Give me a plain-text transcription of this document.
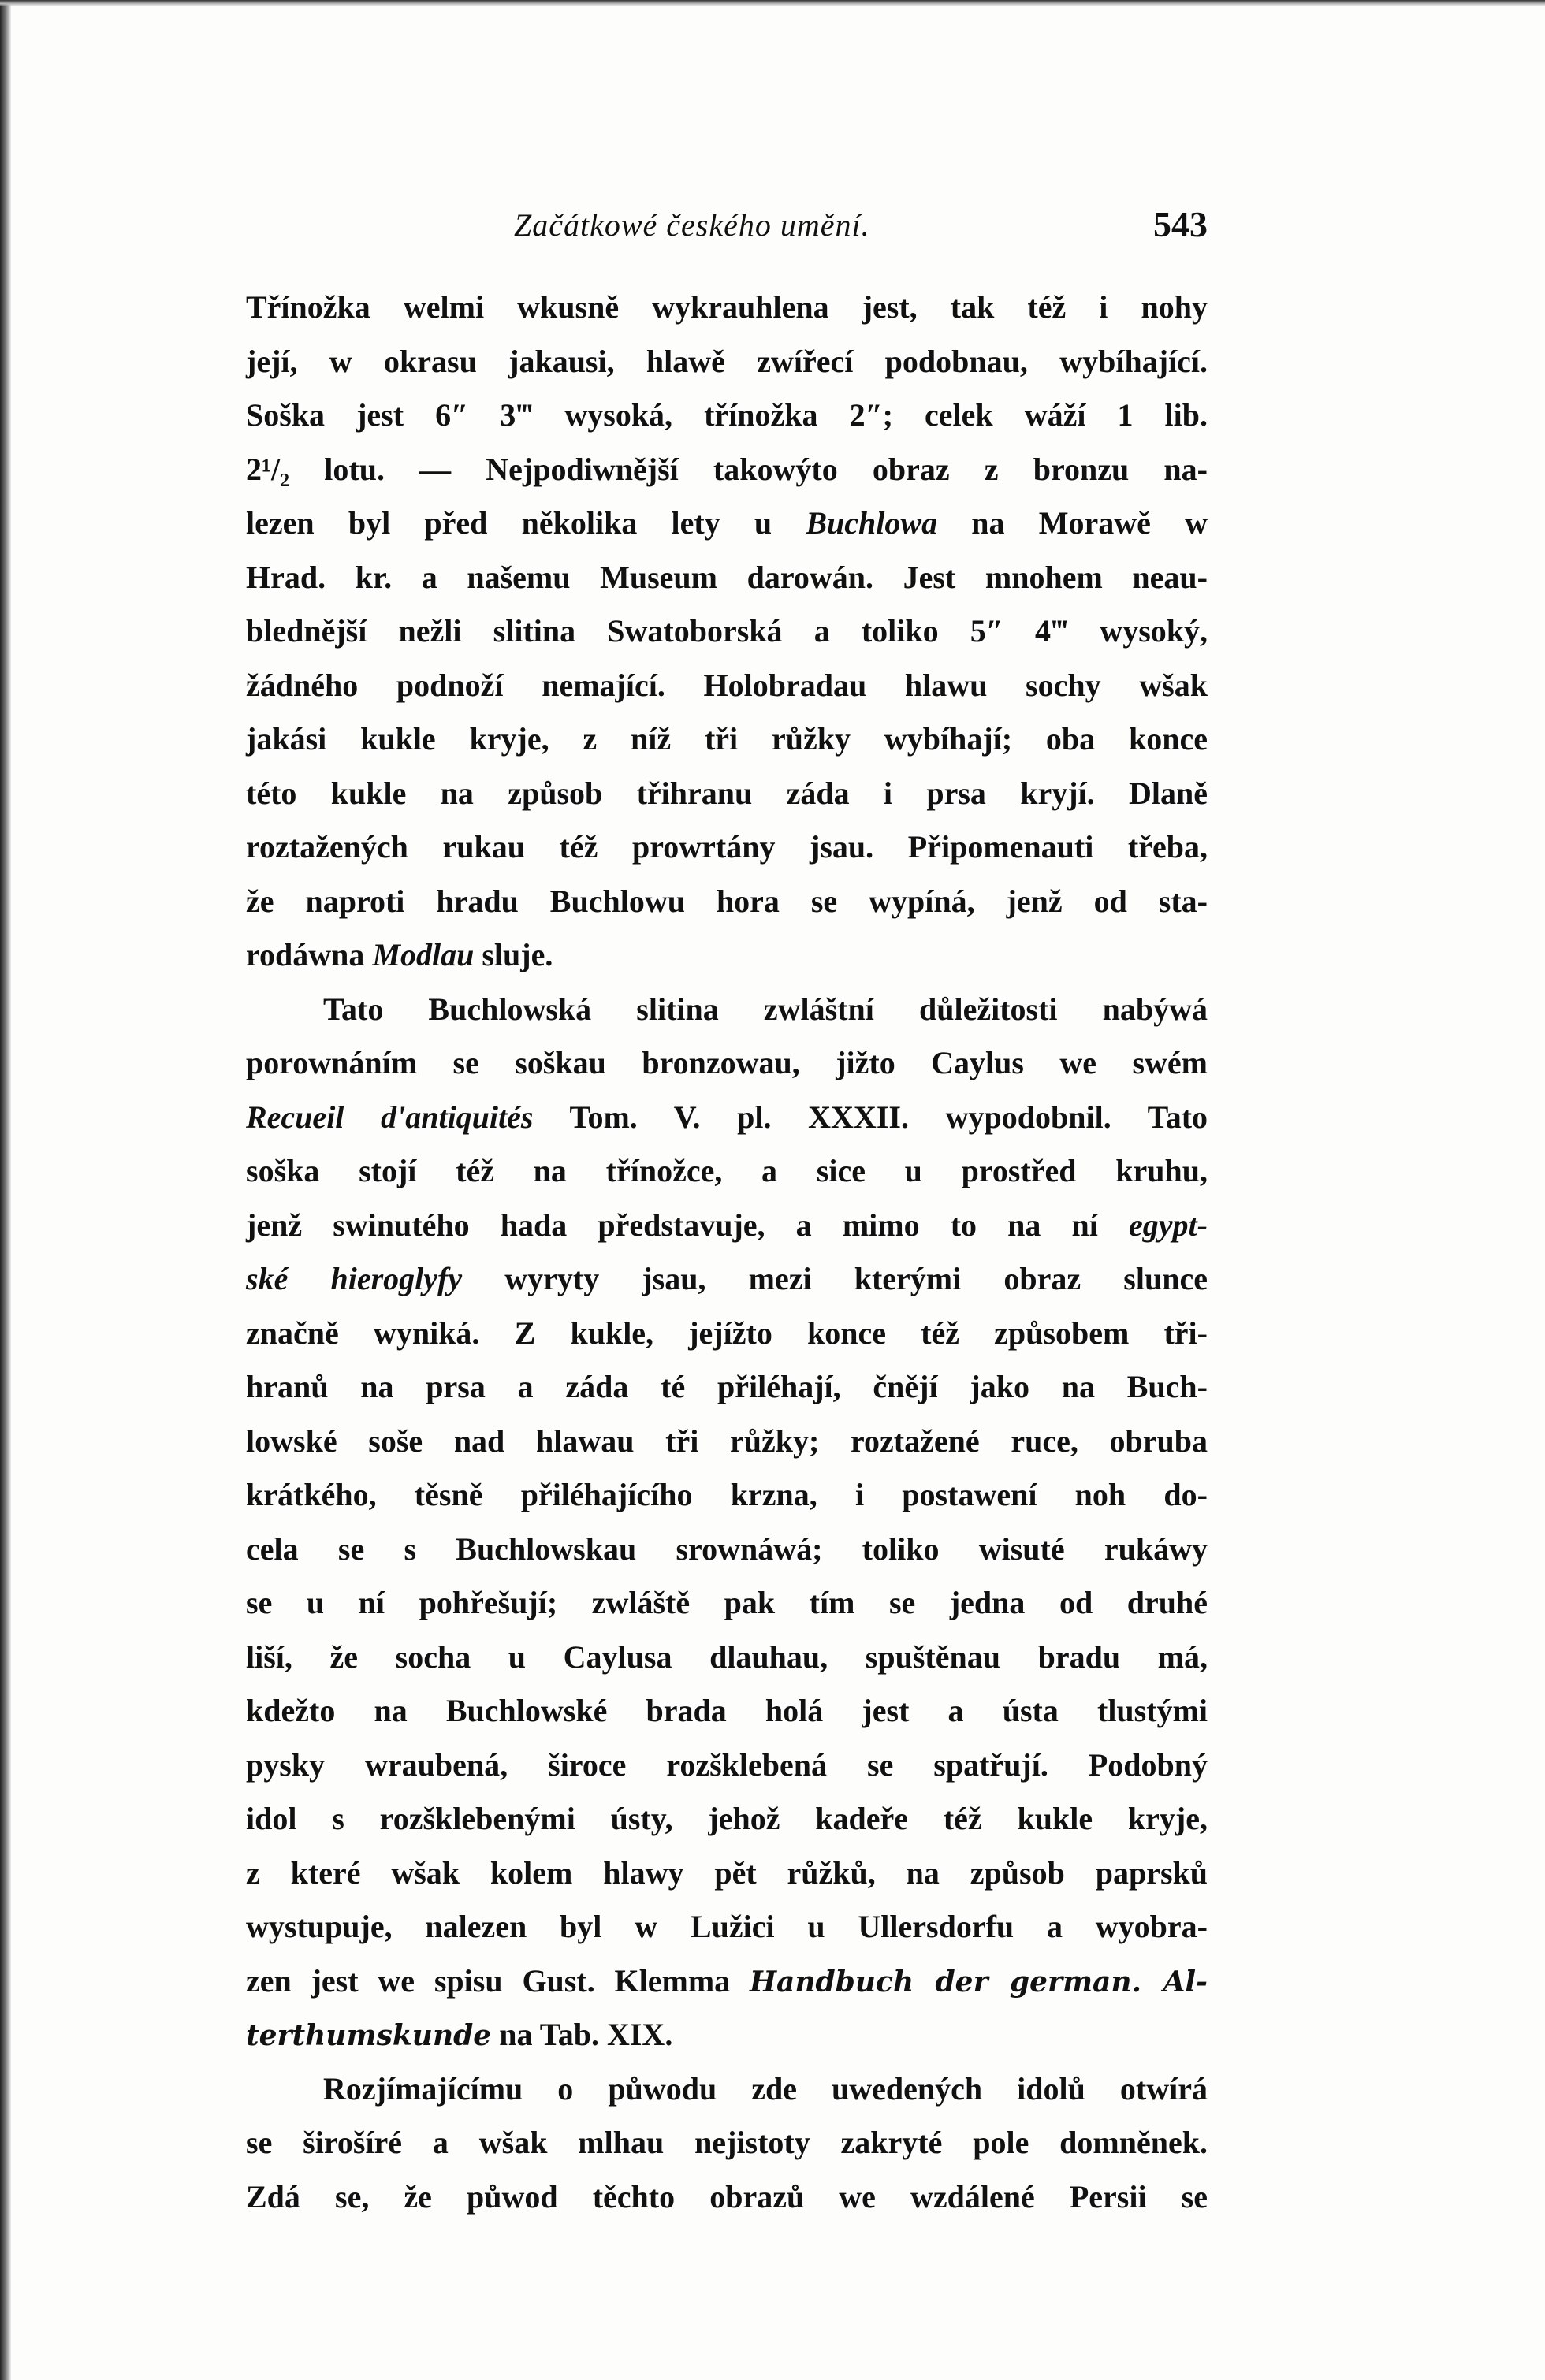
Začátkowé českého umění.	543
Třínožka welmi wkusně wykrauhlena jest, tak též i nohy
její, w okrasu jakausi, hlawě zwířecí podobnau, wybíhající.
Soška jest 6″ 3‴ wysoká, třínožka 2″; celek wáží 1 lib.
2¹/₂ lotu. — Nejpodiwnější takowýto obraz z bronzu na-
lezen byl před několika lety u Buchlowa na Morawě w
Hrad. kr. a našemu Museum darowán. Jest mnohem neau-
blednější nežli slitina Swatoborská a toliko 5″ 4‴ wysoký,
žádného podnoží nemající. Holobradau hlawu sochy wšak
jakási kukle kryje, z níž tři růžky wybíhají; oba konce
této kukle na způsob třihranu záda i prsa kryjí. Dlaně
roztažených rukau též prowrtány jsau. Připomenauti třeba,
že naproti hradu Buchlowu hora se wypíná, jenž od sta-
rodáwna Modlau sluje.
Tato Buchlowská slitina zwláštní důležitosti nabýwá
porownáním se soškau bronzowau, jižto Caylus we swém
Recueil d'antiquités Tom. V. pl. XXXII. wypodobnil. Tato
soška stojí též na třínožce, a sice u prostřed kruhu,
jenž swinutého hada představuje, a mimo to na ní egypt-
ské hieroglyfy wyryty jsau, mezi kterými obraz slunce
značně wyniká. Z kukle, jejížto konce též způsobem tři-
hranů na prsa a záda té přiléhají, čnějí jako na Buch-
lowské soše nad hlawau tři růžky; roztažené ruce, obruba
krátkého, těsně přiléhajícího krzna, i postawení noh do-
cela se s Buchlowskau srownáwá; toliko wisuté rukáwy
se u ní pohřešují; zwláště pak tím se jedna od druhé
liší, že socha u Caylusa dlauhau, spuštěnau bradu má,
kdežto na Buchlowské brada holá jest a ústa tlustými
pysky wraubená, široce rozšklebená se spatřují. Podobný
idol s rozšklebenými ústy, jehož kadeře též kukle kryje,
z které wšak kolem hlawy pět růžků, na způsob paprsků
wystupuje, nalezen byl w Lužici u Ullersdorfu a wyobra-
zen jest we spisu Gust. Klemma Handbuch der german. Al-
terthumskunde na Tab. XIX.
Rozjímajícímu o půwodu zde uwedených idolů otwírá
se širošíré a wšak mlhau nejistoty zakryté pole domněnek.
Zdá se, že půwod těchto obrazů we wzdálené Persii se
